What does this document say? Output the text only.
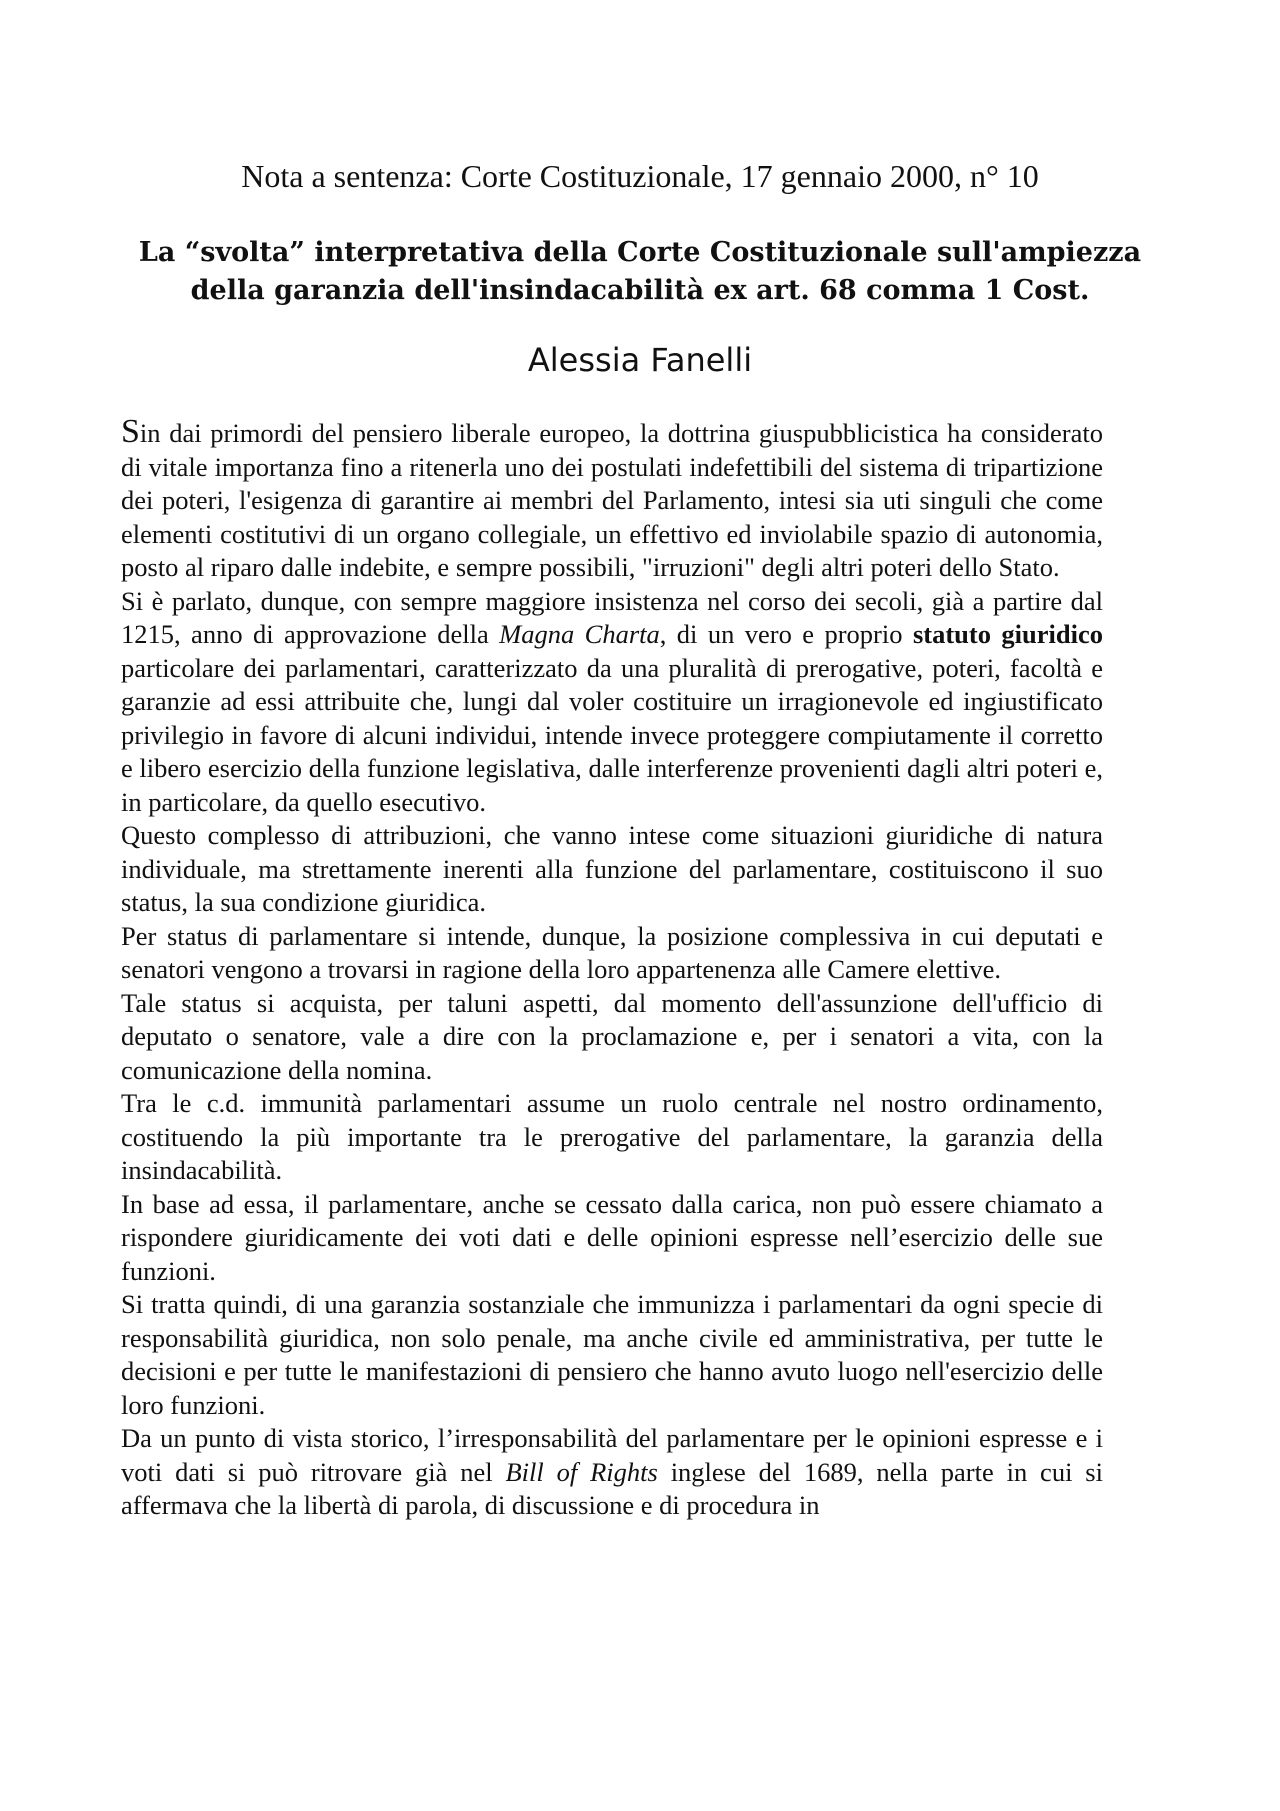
Nota a sentenza: Corte Costituzionale, 17 gennaio 2000, n° 10
La “svolta” interpretativa della Corte Costituzionale sull'ampiezza
della garanzia dell'insindacabilità ex art. 68 comma 1 Cost.
Alessia Fanelli

Sin dai primordi del pensiero liberale europeo, la dottrina giuspubblicistica ha considerato di vitale importanza fino a ritenerla uno dei postulati indefettibili del sistema di tripartizione dei poteri, l'esigenza di garantire ai membri del Parlamento, intesi sia uti singuli che come elementi costitutivi di un organo collegiale, un effettivo ed inviolabile spazio di autonomia, posto al riparo dalle indebite, e sempre possibili, "irruzioni" degli altri poteri dello Stato.

Si è parlato, dunque, con sempre maggiore insistenza nel corso dei secoli, già a partire dal 1215, anno di approvazione della Magna Charta, di un vero e proprio statuto giuridico particolare dei parlamentari, caratterizzato da una pluralità di prerogative, poteri, facoltà e garanzie ad essi attribuite che, lungi dal voler costituire un irragionevole ed ingiustificato privilegio in favore di alcuni individui, intende invece proteggere compiutamente il corretto e libero esercizio della funzione legislativa, dalle interferenze provenienti dagli altri poteri e, in particolare, da quello esecutivo.

Questo complesso di attribuzioni, che vanno intese come situazioni giuridiche di natura individuale, ma strettamente inerenti alla funzione del parlamentare, costituiscono il suo status, la sua condizione giuridica.

Per status di parlamentare si intende, dunque, la posizione complessiva in cui deputati e senatori vengono a trovarsi in ragione della loro appartenenza alle Camere elettive.

Tale status si acquista, per taluni aspetti, dal momento dell'assunzione dell'ufficio di deputato o senatore, vale a dire con la proclamazione e, per i senatori a vita, con la comunicazione della nomina.

Tra le c.d. immunità parlamentari assume un ruolo centrale nel nostro ordinamento, costituendo la più importante tra le prerogative del parlamentare, la garanzia della insindacabilità.

In base ad essa, il parlamentare, anche se cessato dalla carica, non può essere chiamato a rispondere giuridicamente dei voti dati e delle opinioni espresse nell’esercizio delle sue funzioni.

Si tratta quindi, di una garanzia sostanziale che immunizza i parlamentari da ogni specie di responsabilità giuridica, non solo penale, ma anche civile ed amministrativa, per tutte le decisioni e per tutte le manifestazioni di pensiero che hanno avuto luogo nell'esercizio delle loro funzioni.

Da un punto di vista storico, l’irresponsabilità del parlamentare per le opinioni espresse e i voti dati si può ritrovare già nel Bill of Rights inglese del 1689, nella parte in cui si affermava che la libertà di parola, di discussione e di procedura in
